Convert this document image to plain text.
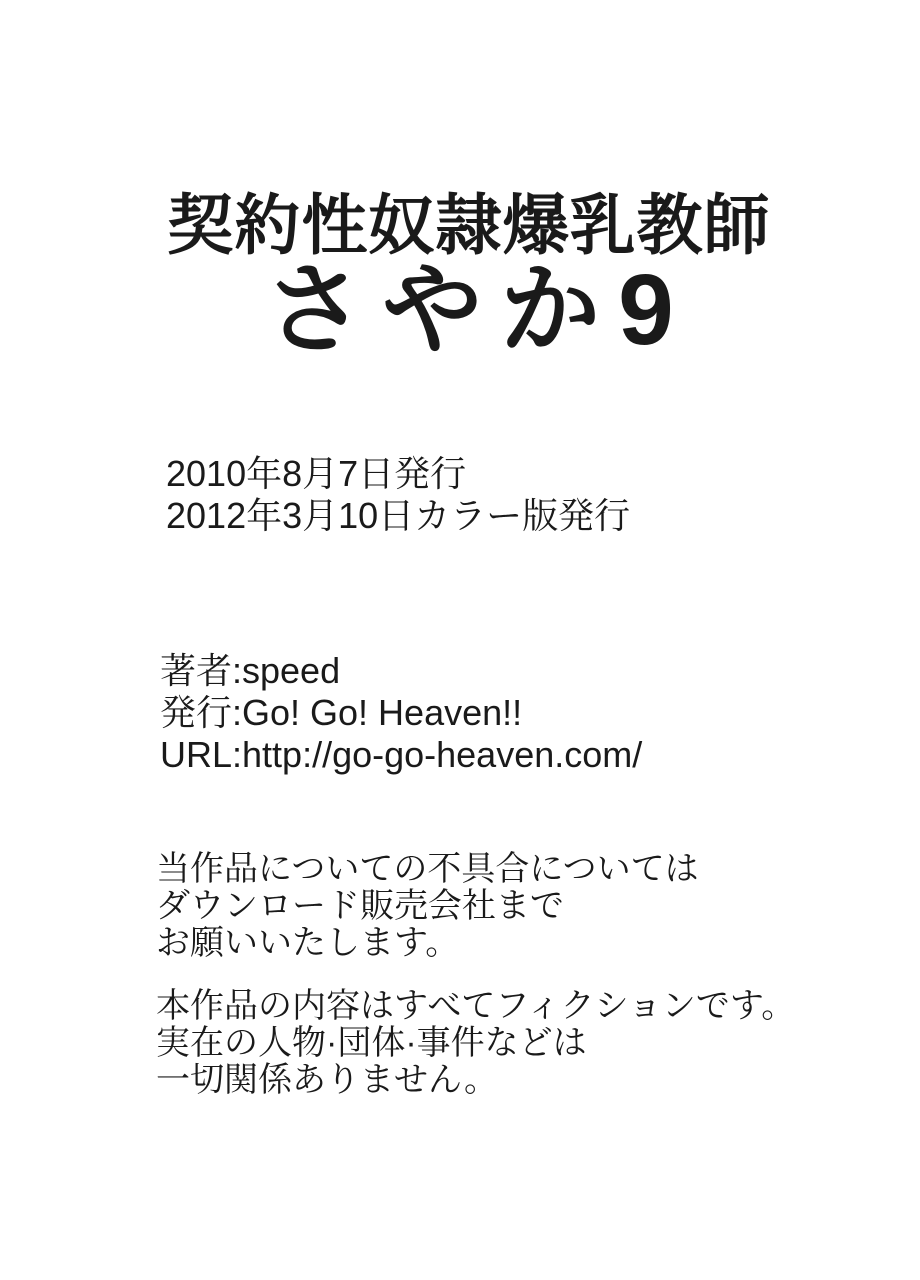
契約性奴隷爆乳教師
さやか9
2010年8月7日発行
2012年3月10日カラー版発行
著者:speed
発行:Go! Go! Heaven!!
URL:http://go-go-heaven.com/
当作品についての不具合については
ダウンロード販売会社まで
お願いいたします。
本作品の内容はすべてフィクションです。
実在の人物·団体·事件などは
一切関係ありません。
